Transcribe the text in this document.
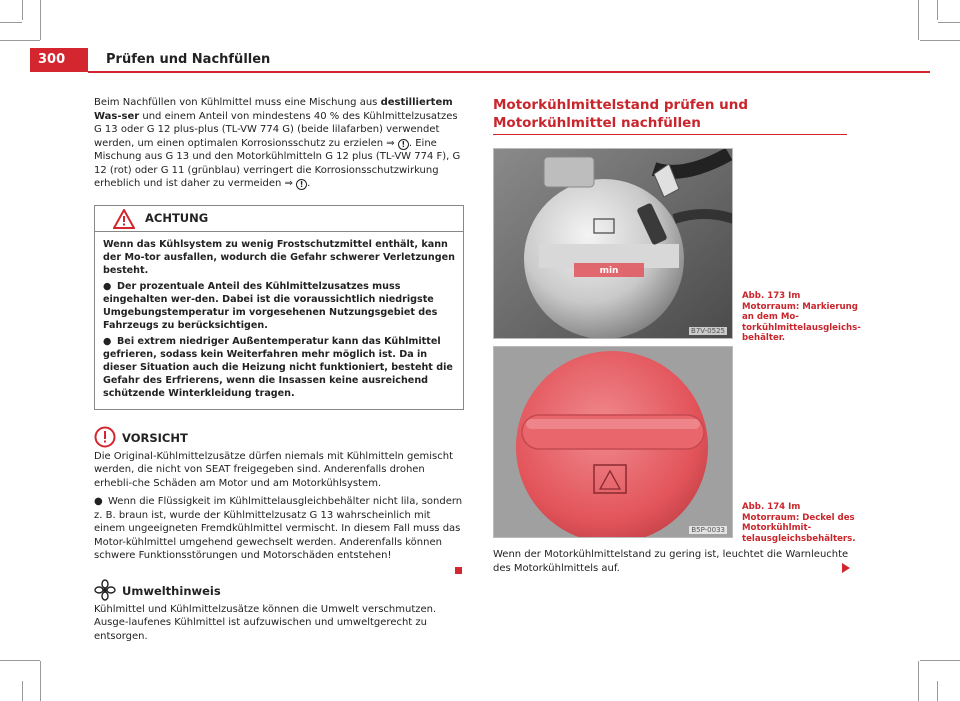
300	Prüfen und Nachfüllen

Beim Nachfüllen von Kühlmittel muss eine Mischung aus destilliertem Was-ser und einem Anteil von mindestens 40 % des Kühlmittelzusatzes G 13 oder G 12 plus-plus (TL-VW 774 G) (beide lilafarben) verwendet werden, um einen optimalen Korrosionsschutz zu erzielen ⇒ ! . Eine Mischung aus G 13 und den Motorkühlmitteln G 12 plus (TL-VW 774 F), G 12 (rot) oder G 11 (grünblau) verringert die Korrosionsschutzwirkung erheblich und ist daher zu vermeiden ⇒ ! .

ACHTUNG

Wenn das Kühlsystem zu wenig Frostschutzmittel enthält, kann der Mo-tor ausfallen, wodurch die Gefahr schwerer Verletzungen besteht.

● Der prozentuale Anteil des Kühlmittelzusatzes muss eingehalten wer-den. Dabei ist die voraussichtlich niedrigste Umgebungstemperatur im vorgesehenen Nutzungsgebiet des Fahrzeugs zu berücksichtigen.

● Bei extrem niedriger Außentemperatur kann das Kühlmittel gefrieren, sodass kein Weiterfahren mehr möglich ist. Da in dieser Situation auch die Heizung nicht funktioniert, besteht die Gefahr des Erfrierens, wenn die Insassen keine ausreichend schützende Winterkleidung tragen.

VORSICHT

Die Original-Kühlmittelzusätze dürfen niemals mit Kühlmitteln gemischt werden, die nicht von SEAT freigegeben sind. Anderenfalls drohen erhebli-che Schäden am Motor und am Motorkühlsystem.

● Wenn die Flüssigkeit im Kühlmittelausgleichbehälter nicht lila, sondern z. B. braun ist, wurde der Kühlmittelzusatz G 13 wahrscheinlich mit einem ungeeigneten Fremdkühlmittel vermischt. In diesem Fall muss das Motor-kühlmittel umgehend gewechselt werden. Anderenfalls können schwere Funktionsstörungen und Motorschäden entstehen!

Umwelthinweis

Kühlmittel und Kühlmittelzusätze können die Umwelt verschmutzen. Ausge-laufenes Kühlmittel ist aufzuwischen und umweltgerecht zu entsorgen.

Motorkühlmittelstand prüfen und Motorkühlmittel nachfüllen
min
B7V-0525
Abb. 173 Im Motorraum: Markierung an dem Mo-torkühlmittelausgleichs-behälter.
B5P-0033
Abb. 174 Im Motorraum: Deckel des Motorkühlmit-telausgleichsbehälters.

Wenn der Motorkühlmittelstand zu gering ist, leuchtet die Warnleuchte des Motorkühlmittels auf.
